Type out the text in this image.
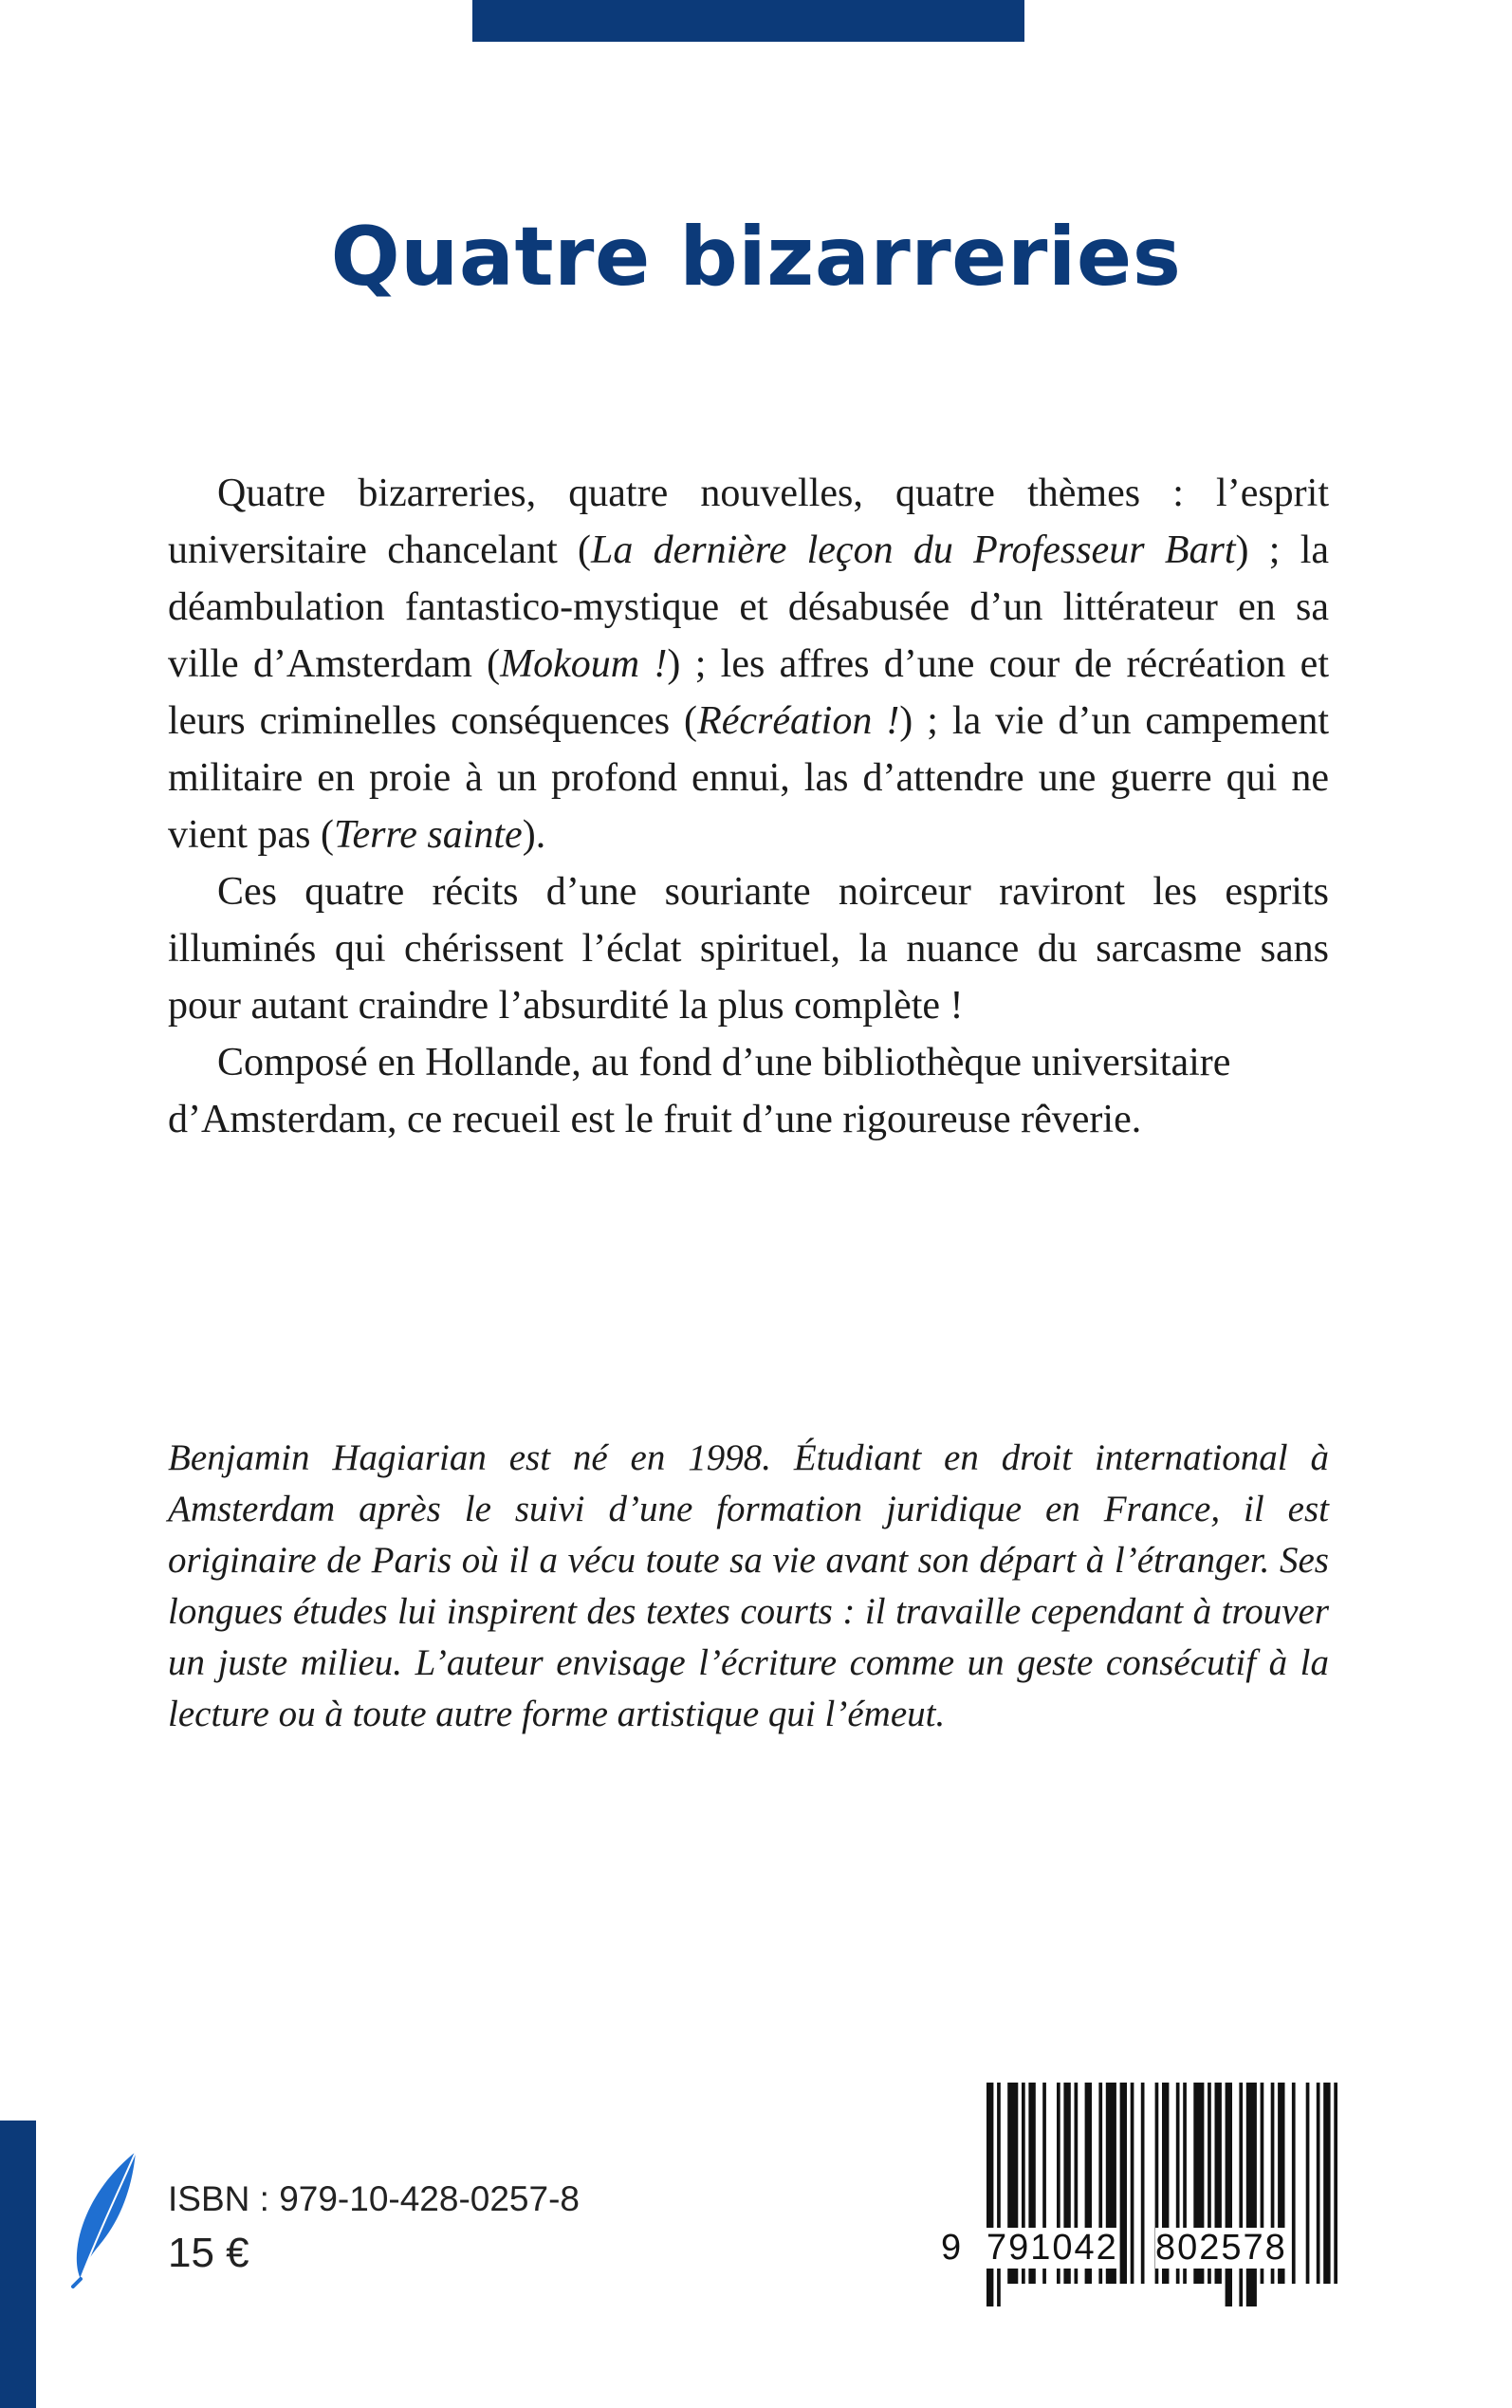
Quatre bizarreries

Quatre bizarreries, quatre nouvelles, quatre thèmes : l’esprit universitaire chancelant (La dernière leçon du Professeur Bart) ; la déambulation fantastico-mystique et désabusée d’un littérateur en sa ville d’Amsterdam (Mokoum !) ; les affres d’une cour de récréation et leurs criminelles conséquences (Récréation !) ; la vie d’un campement militaire en proie à un profond ennui, las d’attendre une guerre qui ne vient pas (Terre sainte).

Ces quatre récits d’une souriante noirceur raviront les esprits illuminés qui chérissent l’éclat spirituel, la nuance du sarcasme sans pour autant craindre l’absurdité la plus complète !

Composé en Hollande, au fond d’une bibliothèque universitaire d’Amsterdam, ce recueil est le fruit d’une rigoureuse rêverie.

Benjamin Hagiarian est né en 1998. Étudiant en droit international à Amsterdam après le suivi d’une formation juridique en France, il est originaire de Paris où il a vécu toute sa vie avant son départ à l’étranger. Ses longues études lui inspirent des textes courts : il travaille cependant à trouver un juste milieu. L’auteur envisage l’écriture comme un geste consécutif à la lecture ou à toute autre forme artistique qui l’émeut.

ISBN : 979-10-428-0257-8
15 €	9 791042 802578
